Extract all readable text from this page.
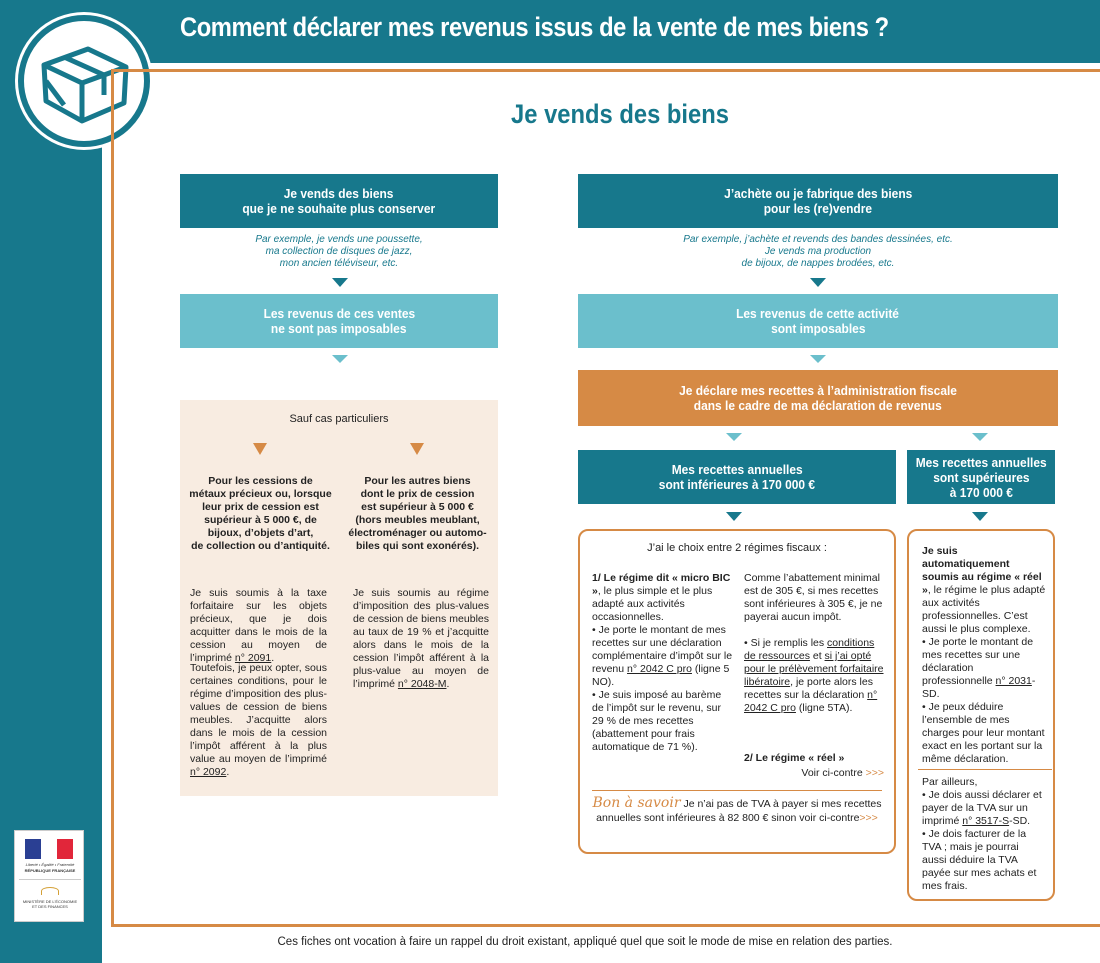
Comment déclarer mes revenus issus de la vente de mes biens ?
Je vends des biens
Je vends des biens
que je ne souhaite plus conserver
Par exemple, je vends une poussette,
ma collection de disques de jazz,
mon ancien téléviseur, etc.
Les revenus de ces ventes
ne sont pas imposables
Sauf cas particuliers
Pour les cessions de
métaux précieux ou, lorsque
leur prix de cession est
supérieur à 5 000 €, de
bijoux, d’objets d’art,
de collection ou d’antiquité.
Je suis soumis à la taxe forfaitaire sur les objets précieux, que je dois acquitter dans le mois de la cession au moyen de l’imprimé n° 2091.
Toutefois, je peux opter, sous certaines conditions, pour le régime d’imposition des plus-values de cession de biens meubles. J’acquitte alors dans le mois de la cession l’impôt afférent à la plus value au moyen de l’imprimé n° 2092.
Pour les autres biens
dont le prix de cession
est supérieur à 5 000 €
(hors meubles meublant,
électroménager ou automo-
biles qui sont exonérés).
Je suis soumis au régime d’imposition des plus-values de cession de biens meubles au taux de 19 % et j’acquitte alors dans le mois de la cession l’impôt afférent à la plus-value au moyen de l’imprimé n° 2048-M.
J’achète ou je fabrique des biens
pour les (re)vendre
Par exemple, j’achète et revends des bandes dessinées, etc.
Je vends ma production
de bijoux, de nappes brodées, etc.
Les revenus de cette activité
sont imposables
Je déclare mes recettes à l’administration fiscale
dans le cadre de ma déclaration de revenus
Mes recettes annuelles
sont inférieures à 170 000 €
Mes recettes annuelles
sont supérieures
à 170 000 €
J’ai le choix entre 2 régimes fiscaux :
1/ Le régime dit « micro BIC », le plus simple et le plus adapté aux activités occasionnelles.
• Je porte le montant de mes recettes sur une déclaration complémentaire d’impôt sur le revenu n° 2042 C pro (ligne 5 NO).
• Je suis imposé au barème de l’impôt sur le revenu, sur 29 % de mes recettes (abattement pour frais automatique de 71 %).
Comme l’abattement minimal est de 305 €, si mes recettes sont inférieures à 305 €, je ne payerai aucun impôt.
• Si je remplis les conditions de ressources et si j’ai opté pour le prélèvement forfaitaire libératoire, je porte alors les recettes sur la déclaration n° 2042 C pro (ligne 5TA).
2/ Le régime « réel »
Voir ci-contre >>>
Bon à savoir Je n’ai pas de TVA à payer si mes recettes
annuelles sont inférieures à 82 800 € sinon voir ci-contre>>>
Je suis automatiquement soumis au régime « réel », le régime le plus adapté aux activités professionnelles. C’est aussi le plus complexe.
• Je porte le montant de mes recettes sur une déclaration professionnelle n° 2031-SD.
• Je peux déduire l’ensemble de mes charges pour leur montant exact en les portant sur la même déclaration.
Par ailleurs,
• Je dois aussi déclarer et payer de la TVA sur un imprimé n° 3517-S-SD.
• Je dois facturer de la TVA ; mais je pourrai aussi déduire la TVA payée sur mes achats et mes frais.
Liberté • Égalité • Fraternité
RÉPUBLIQUE FRANÇAISE
MINISTÈRE DE L’ÉCONOMIE
ET DES FINANCES
Ces fiches ont vocation à faire un rappel du droit existant, appliqué quel que soit le mode de mise en relation des parties.
